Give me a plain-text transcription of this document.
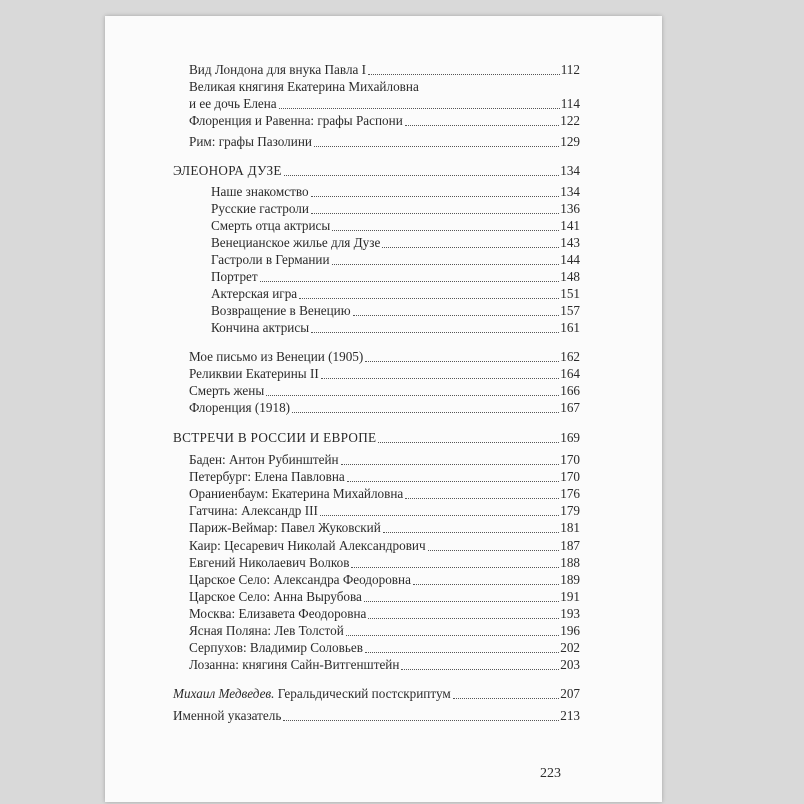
Вид Лондона для внука Павла I	112
Великая княгиня Екатерина Михайловна
и ее дочь Елена	114
Флоренция и Равенна: графы Распони	122
Рим: графы Пазолини	129
ЭЛЕОНОРА ДУЗЕ	134
Наше знакомство	134
Русские гастроли	136
Смерть отца актрисы	141
Венецианское жилье для Дузе	143
Гастроли в Германии	144
Портрет	148
Актерская игра	151
Возвращение в Венецию	157
Кончина актрисы	161
Мое письмо из Венеции (1905)	162
Реликвии Екатерины II	164
Смерть жены	166
Флоренция (1918)	167
ВСТРЕЧИ В РОССИИ И ЕВРОПЕ	169
Баден: Антон Рубинштейн	170
Петербург: Елена Павловна	170
Ораниенбаум: Екатерина Михайловна	176
Гатчина: Александр III	179
Париж-Веймар: Павел Жуковский	181
Каир: Цесаревич Николай Александрович	187
Евгений Николаевич Волков	188
Царское Село: Александра Феодоровна	189
Царское Село: Анна Вырубова	191
Москва: Елизавета Феодоровна	193
Ясная Поляна: Лев Толстой	196
Серпухов: Владимир Соловьев	202
Лозанна: княгиня Сайн-Витгенштейн	203
Михаил Медведев. Геральдический постскриптум	207
Именной указатель	213
223
